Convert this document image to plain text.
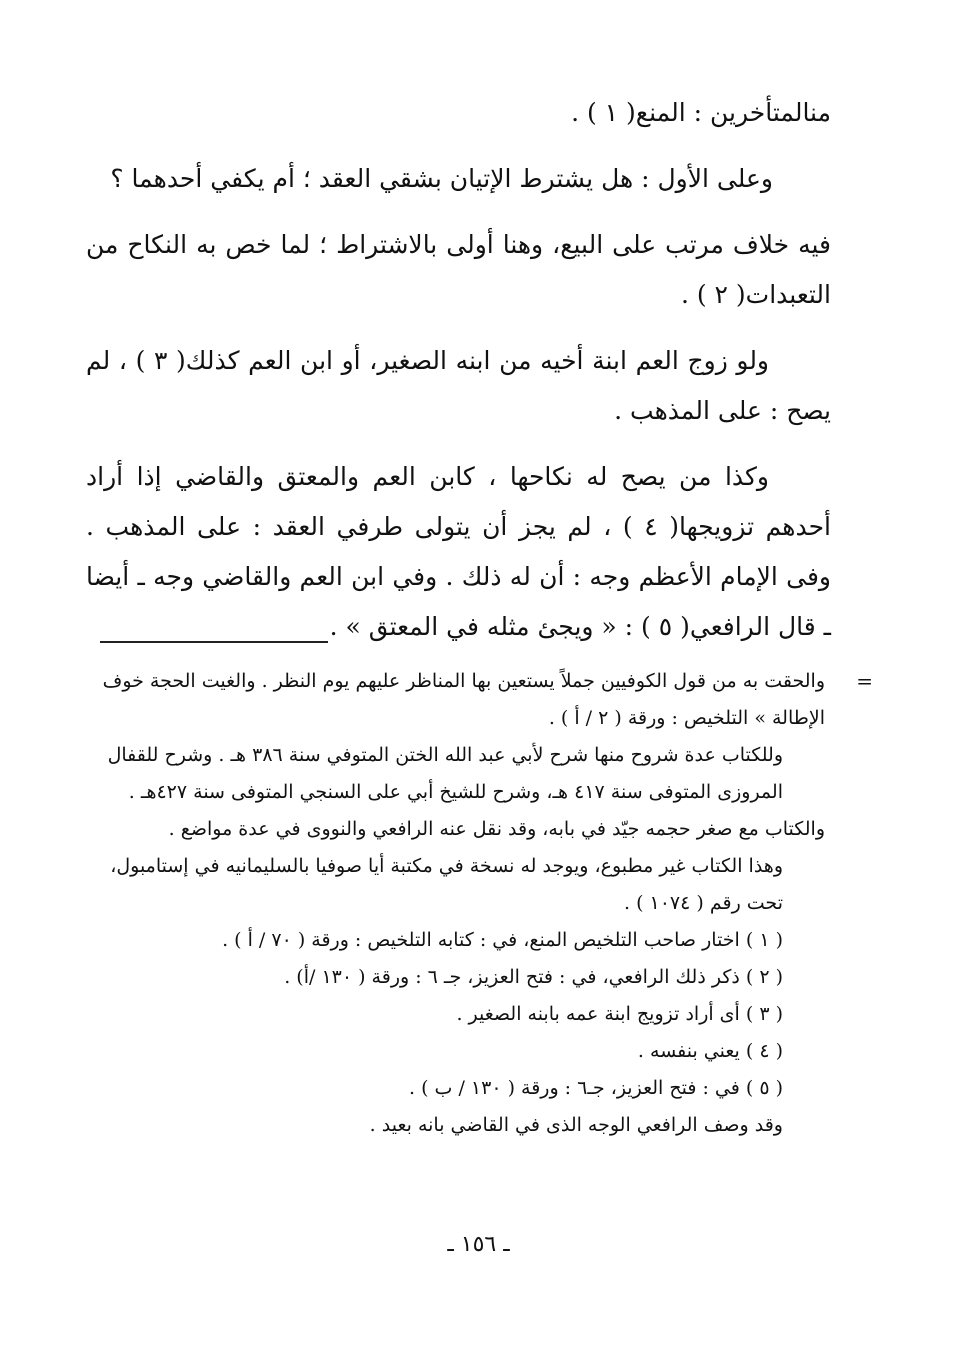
منالمتأخرين : المنع( ١ ) .

وعلى الأول : هل يشترط الإتيان بشقي العقد ؛ أم يكفي أحدهما ؟

فيه خلاف مرتب على البيع، وهنا أولى بالاشتراط ؛ لما خص به النكاح من التعبدات( ٢ ) .

ولو زوج العم ابنة أخيه من ابنه الصغير، أو ابن العم كذلك( ٣ ) ، لم يصح : على المذهب .

وكذا من يصح له نكاحها ، كابن العم والمعتق والقاضي إذا أراد أحدهم تزويجها( ٤ ) ، لم يجز أن يتولى طرفي العقد : على المذهب . وفى الإمام الأعظم وجه : أن له ذلك . وفي ابن العم والقاضي وجه ـ أيضا ـ قال الرافعي( ٥ ) : « ويجئ مثله في المعتق » .

=
والحقت به من قول الكوفيين جملاً يستعين بها المناظر عليهم يوم النظر . والغيت الحجة خوف الإطالة » التلخيص : ورقة ( ٢ / أ ) .

وللكتاب عدة شروح منها شرح لأبي عبد الله الختن المتوفي سنة ٣٨٦ هـ . وشرح للقفال المروزى المتوفى سنة ٤١٧ هـ، وشرح للشيخ أبي على السنجي المتوفى سنة ٤٢٧هـ .

والكتاب مع صغر حجمه جيّد في بابه، وقد نقل عنه الرافعي والنووى في عدة مواضع .

وهذا الكتاب غير مطبوع، ويوجد له نسخة في مكتبة أيا صوفيا بالسليمانيه في إستامبول، تحت رقم ( ١٠٧٤ ) .

( ١ ) اختار صاحب التلخيص المنع، في : كتابه التلخيص : ورقة ( ٧٠ / أ ) .

( ٢ ) ذكر ذلك الرافعي، في : فتح العزيز، جـ ٦ : ورقة ( ١٣٠ /أ) .

( ٣ ) أى أراد تزويج ابنة عمه بابنه الصغير .

( ٤ ) يعني بنفسه .

( ٥ ) في : فتح العزيز، جـ٦ : ورقة ( ١٣٠ / ب ) .

وقد وصف الرافعي الوجه الذى في القاضي بانه بعيد .

ـ ١٥٦ ـ
